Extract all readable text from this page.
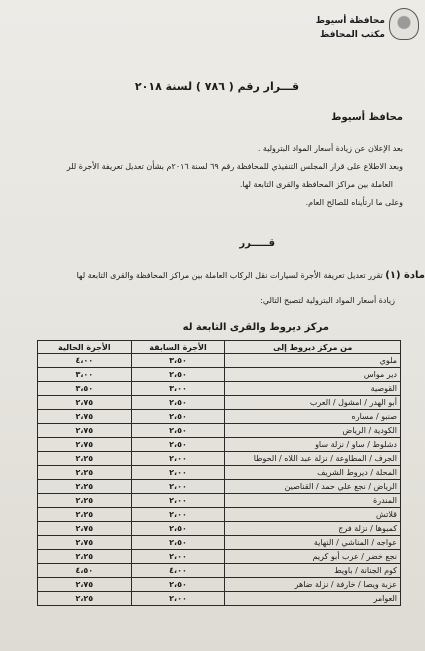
محافظة أسيوط
مكتب المحافظ
قـــرار رقم ( ٧٨٦ ) لسنة ٢٠١٨
محافظ أسيوط
بعد الإعلان عن زيادة أسعار المواد البترولية .
وبعد الاطلاع على قرار المجلس التنفيذي للمحافظة رقم ٦٩ لسنة ٢٠١٦م بشأن تعديل تعريفة الأجرة للر
العاملة بين مراكز المحافظة والقرى التابعة لها.
وعلى ما ارتأيناه للصالح العام.
قـــــرر
مادة (١) تقرر تعديل تعريفة الأجرة لسيارات نقل الركاب العاملة بين مراكز المحافظة والقرى التابعة لها
زيادة أسعار المواد البترولية لتصبح التالي:
مركز ديروط والقرى التابعة له
من مركز ديروط إلى	الأجرة السابقة	الأجرة الحالية
ملوي	٣،٥٠	٤،٠٠
دير مواس	٢،٥٠	٣،٠٠
القوصية	٣،٠٠	٣،٥٠
أبو الهدر / امشول / العرب	٢،٥٠	٢،٧٥
صنبو / مساره	٢،٥٠	٢،٧٥
الكودية / الرياض	٢،٥٠	٢،٧٥
دشلوط / ساو / نزلة ساو	٢،٥٠	٢،٧٥
الجرف / المطاوعة / نزلة عبد اللاه / الحوطا	٢،٠٠	٢،٢٥
المحلة / ديروط الشريف	٢،٠٠	٢،٢٥
الرياض / نجع علي حمد / القناصين	٢،٠٠	٢،٢٥
المندرة	٢،٠٠	٢،٢٥
قلاتش	٢،٠٠	٢،٢٥
كمبوها / نزلة فرج	٢،٥٠	٢،٧٥
عواجه / المناشي / النهاية	٢،٥٠	٢،٧٥
نجع خضر / عرب أبو كريم	٢،٠٠	٢،٢٥
كوم الجنانة / باويط	٤،٠٠	٤،٥٠
عزبة ويصا / خارفة / نزلة ضاهر	٢،٥٠	٢،٧٥
العوامر	٢،٠٠	٢،٢٥
